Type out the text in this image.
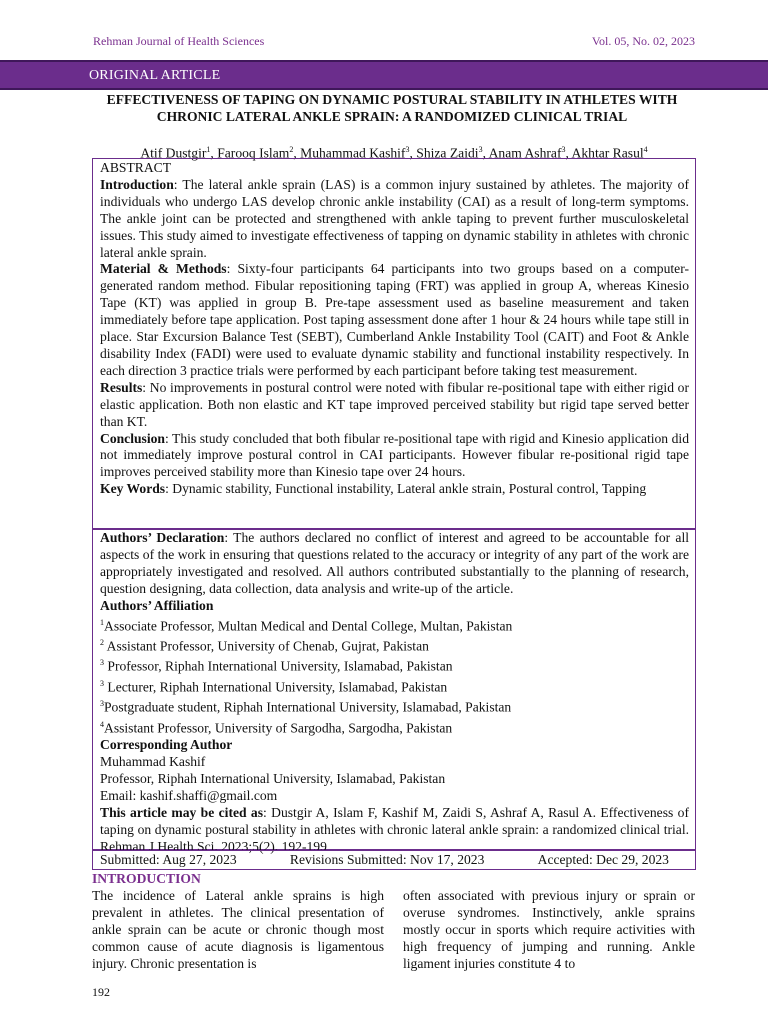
Rehman Journal of Health Sciences	Vol. 05, No. 02, 2023
ORIGINAL ARTICLE
EFFECTIVENESS OF TAPING ON DYNAMIC POSTURAL STABILITY IN ATHLETES WITH CHRONIC LATERAL ANKLE SPRAIN: A RANDOMIZED CLINICAL TRIAL
Atif Dustgir$^1$, Farooq Islam$^2$, Muhammad Kashif$^3$, Shiza Zaidi$^3$, Anam Ashraf$^3$, Akhtar Rasul$^4$
ABSTRACT

Introduction: The lateral ankle sprain (LAS) is a common injury sustained by athletes. The majority of individuals who undergo LAS develop chronic ankle instability (CAI) as a result of long-term symptoms. The ankle joint can be protected and strengthened with ankle taping to prevent further musculoskeletal issues. This study aimed to investigate effectiveness of tapping on dynamic stability in athletes with chronic lateral ankle sprain.

Material & Methods: Sixty-four participants 64 participants into two groups based on a computer-generated random method. Fibular repositioning taping (FRT) was applied in group A, whereas Kinesio Tape (KT) was applied in group B. Pre-tape assessment used as baseline measurement and taken immediately before tape application. Post taping assessment done after 1 hour & 24 hours while tape still in place. Star Excursion Balance Test (SEBT), Cumberland Ankle Instability Tool (CAIT) and Foot & Ankle disability Index (FADI) were used to evaluate dynamic stability and functional instability respectively. In each direction 3 practice trials were performed by each participant before taking test measurement.

Results: No improvements in postural control were noted with fibular re-positional tape with either rigid or elastic application. Both non elastic and KT tape improved perceived stability but rigid tape served better than KT.

Conclusion: This study concluded that both fibular re-positional tape with rigid and Kinesio application did not immediately improve postural control in CAI participants. However fibular re-positional rigid tape improves perceived stability more than Kinesio tape over 24 hours.

Key Words: Dynamic stability, Functional instability, Lateral ankle strain, Postural control, Tapping

Authors’ Declaration: The authors declared no conflict of interest and agreed to be accountable for all aspects of the work in ensuring that questions related to the accuracy or integrity of any part of the work are appropriately investigated and resolved. All authors contributed substantially to the planning of research, question designing, data collection, data analysis and write-up of the article.

Authors’ Affiliation
$^1$Associate Professor, Multan Medical and Dental College, Multan, Pakistan
$^2$ Assistant Professor, University of Chenab, Gujrat, Pakistan
$^3$ Professor, Riphah International University, Islamabad, Pakistan
$^3$ Lecturer, Riphah International University, Islamabad, Pakistan
$^3$Postgraduate student, Riphah International University, Islamabad, Pakistan
$^4$Assistant Professor, University of Sargodha, Sargodha, Pakistan
Corresponding Author
Muhammad Kashif
Professor, Riphah International University, Islamabad, Pakistan
Email: kashif.shaffi@gmail.com

This article may be cited as: Dustgir A, Islam F, Kashif M, Zaidi S, Ashraf A, Rasul A. Effectiveness of taping on dynamic postural stability in athletes with chronic lateral ankle sprain: a randomized clinical trial. Rehman J Health Sci. 2023;5(2). 192-199

Submitted: Aug 27, 2023	Revisions Submitted: Nov 17, 2023	Accepted: Dec 29, 2023
INTRODUCTION
The incidence of Lateral ankle sprains is high prevalent in athletes. The clinical presentation of ankle sprain can be acute or chronic though most common cause of acute diagnosis is ligamentous injury. Chronic presentation is
often associated with previous injury or sprain or overuse syndromes. Instinctively, ankle sprains mostly occur in sports which require activities with high frequency of jumping and running. Ankle ligament injuries constitute 4 to
192
